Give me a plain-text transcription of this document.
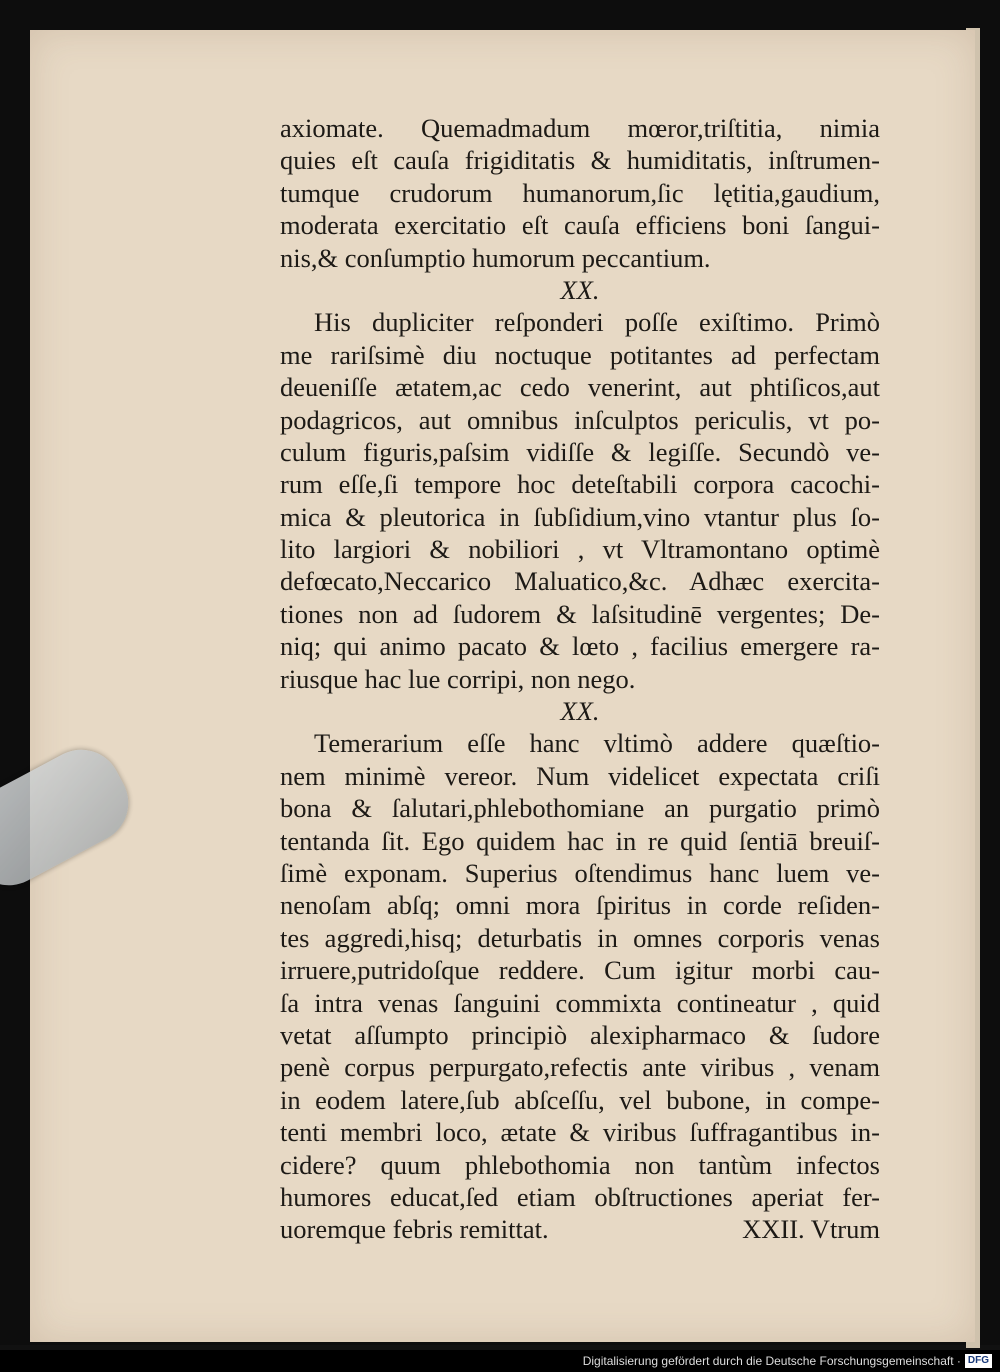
axiomate. Quemadmadum mœror,triſtitia, nimia
quies eſt cauſa frigiditatis & humiditatis, inſtrumen-
tumque crudorum humanorum,ſic lętitia,gaudium,
moderata exercitatio eſt cauſa efficiens boni ſangui-
nis,& conſumptio humorum peccantium.
XX.
His dupliciter reſponderi poſſe exiſtimo. Primò
me rariſsimè diu noctuque potitantes ad perfectam
deueniſſe ætatem,ac cedo venerint, aut phtiſicos,aut
podagricos, aut omnibus inſculptos periculis, vt po-
culum figuris,paſsim vidiſſe & legiſſe. Secundò ve-
rum eſſe,ſi tempore hoc deteſtabili corpora cacochi-
mica & pleutorica in ſubſidium,vino vtantur plus ſo-
lito largiori & nobiliori , vt Vltramontano optimè
defœcato,Neccarico Maluatico,&c. Adhæc exercita-
tiones non ad ſudorem & laſsitudinē vergentes; De-
niq; qui animo pacato & lœto , facilius emergere ra-
riusque hac lue corripi, non nego.
XX.
Temerarium eſſe hanc vltimò addere quæſtio-
nem minimè vereor. Num videlicet expectata criſi
bona & ſalutari,phlebothomiane an purgatio primò
tentanda ſit. Ego quidem hac in re quid ſentiā breuiſ-
ſimè exponam. Superius oſtendimus hanc luem ve-
nenoſam abſq; omni mora ſpiritus in corde reſiden-
tes aggredi,hisq; deturbatis in omnes corporis venas
irruere,putridoſque reddere. Cum igitur morbi cau-
ſa intra venas ſanguini commixta contineatur , quid
vetat aſſumpto principiò alexipharmaco & ſudore
penè corpus perpurgato,refectis ante viribus , venam
in eodem latere,ſub abſceſſu, vel bubone, in compe-
tenti membri loco, ætate & viribus ſuffragantibus in-
cidere? quum phlebothomia non tantùm infectos
humores educat,ſed etiam obſtructiones aperiat fer-
uoremque febris remittat.	XXII. Vtrum
Digitalisierung gefördert durch die Deutsche Forschungsgemeinschaft · DFG
